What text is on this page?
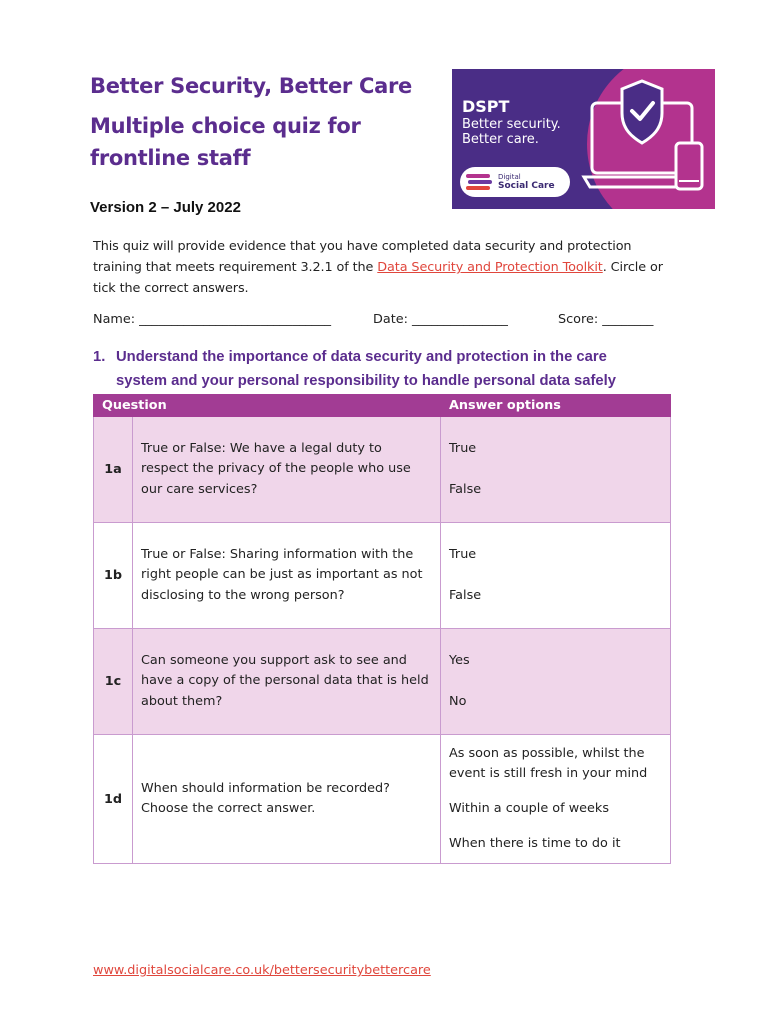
Better Security, Better Care
Multiple choice quiz for
frontline staff
Version 2 – July 2022
DSPT
Better security.
Better care.
Digital
Social Care

This quiz will provide evidence that you have completed data security and protection training that meets requirement 3.2.1 of the Data Security and Protection Toolkit. Circle or tick the correct answers.

Name: ______________________________	Date: _______________	Score: ________
1. Understand the importance of data security and protection in the care
system and your personal responsibility to handle personal data safely
Question		Answer options
1a	True or False: We have a legal duty to respect the privacy of the people who use our care services?	True
False

1b	True or False: Sharing information with the right people can be just as important as not disclosing to the wrong person?	True
False

1c	Can someone you support ask to see and have a copy of the personal data that is held about them?	Yes
No

1d	When should information be recorded? Choose the correct answer.	As soon as possible, whilst the event is still fresh in your mind
Within a couple of weeks
When there is time to do it
www.digitalsocialcare.co.uk/bettersecuritybettercare
